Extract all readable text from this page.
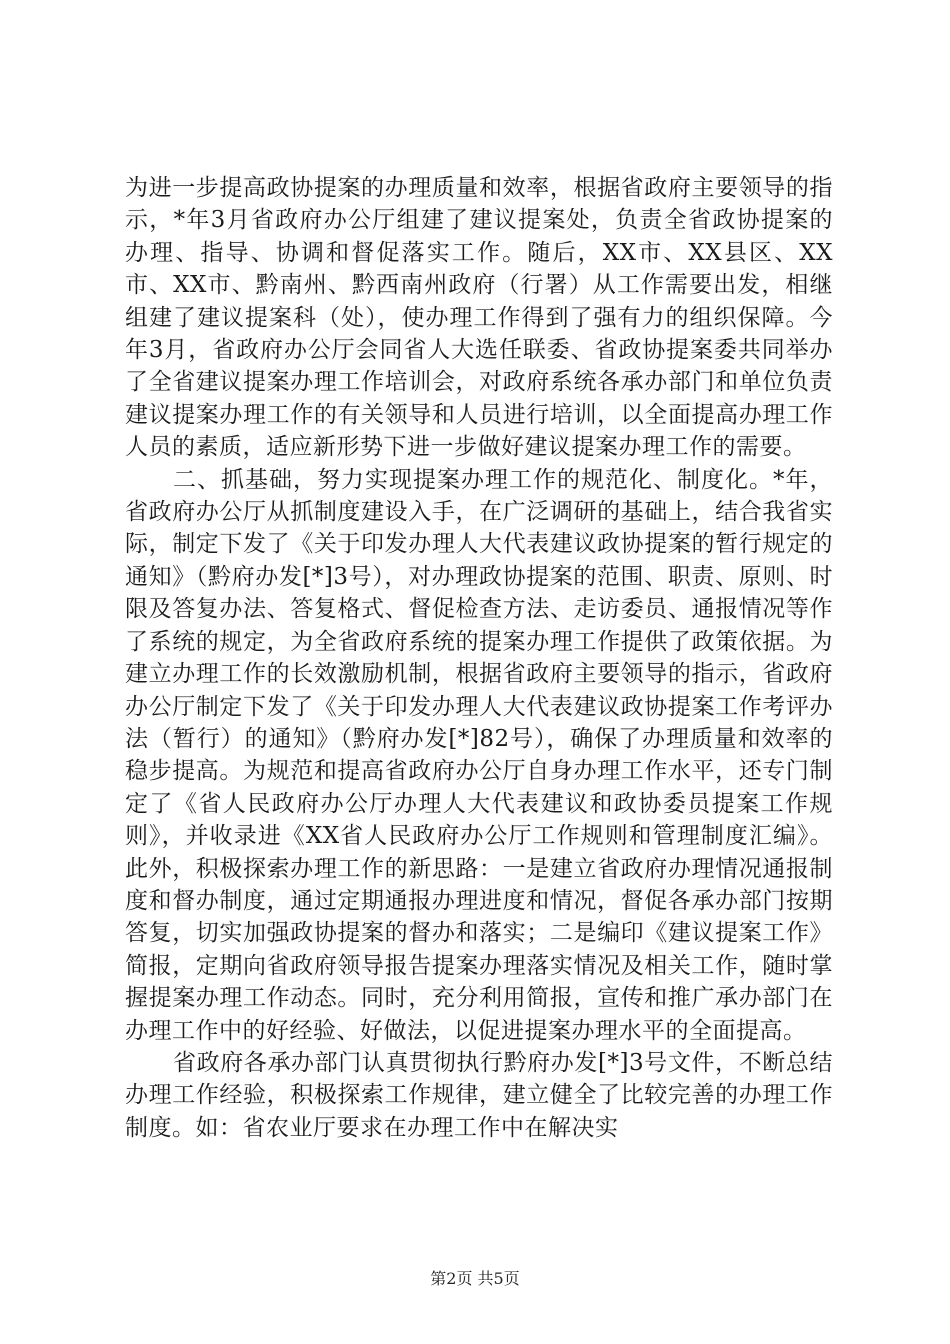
为进一步提高政协提案的办理质量和效率，根据省政府主要领导的指示，*年3月省政府办公厅组建了建议提案处，负责全省政协提案的办理、指导、协调和督促落实工作。随后，XX市、XX县区、XX市、XX市、黔南州、黔西南州政府（行署）从工作需要出发，相继组建了建议提案科（处），使办理工作得到了强有力的组织保障。今年3月，省政府办公厅会同省人大选任联委、省政协提案委共同举办了全省建议提案办理工作培训会，对政府系统各承办部门和单位负责建议提案办理工作的有关领导和人员进行培训，以全面提高办理工作人员的素质，适应新形势下进一步做好建议提案办理工作的需要。

二、抓基础，努力实现提案办理工作的规范化、制度化。*年，省政府办公厅从抓制度建设入手，在广泛调研的基础上，结合我省实际，制定下发了《关于印发办理人大代表建议政协提案的暂行规定的通知》（黔府办发[*]3号），对办理政协提案的范围、职责、原则、时限及答复办法、答复格式、督促检查方法、走访委员、通报情况等作了系统的规定，为全省政府系统的提案办理工作提供了政策依据。为建立办理工作的长效激励机制，根据省政府主要领导的指示，省政府办公厅制定下发了《关于印发办理人大代表建议政协提案工作考评办法（暂行）的通知》（黔府办发[*]82号），确保了办理质量和效率的稳步提高。为规范和提高省政府办公厅自身办理工作水平，还专门制定了《省人民政府办公厅办理人大代表建议和政协委员提案工作规则》，并收录进《XX省人民政府办公厅工作规则和管理制度汇编》。此外，积极探索办理工作的新思路：一是建立省政府办理情况通报制度和督办制度，通过定期通报办理进度和情况，督促各承办部门按期答复，切实加强政协提案的督办和落实；二是编印《建议提案工作》简报，定期向省政府领导报告提案办理落实情况及相关工作，随时掌握提案办理工作动态。同时，充分利用简报，宣传和推广承办部门在办理工作中的好经验、好做法，以促进提案办理水平的全面提高。

省政府各承办部门认真贯彻执行黔府办发[*]3号文件，不断总结办理工作经验，积极探索工作规律，建立健全了比较完善的办理工作制度。如：省农业厅要求在办理工作中在解决实

第2页 共5页
